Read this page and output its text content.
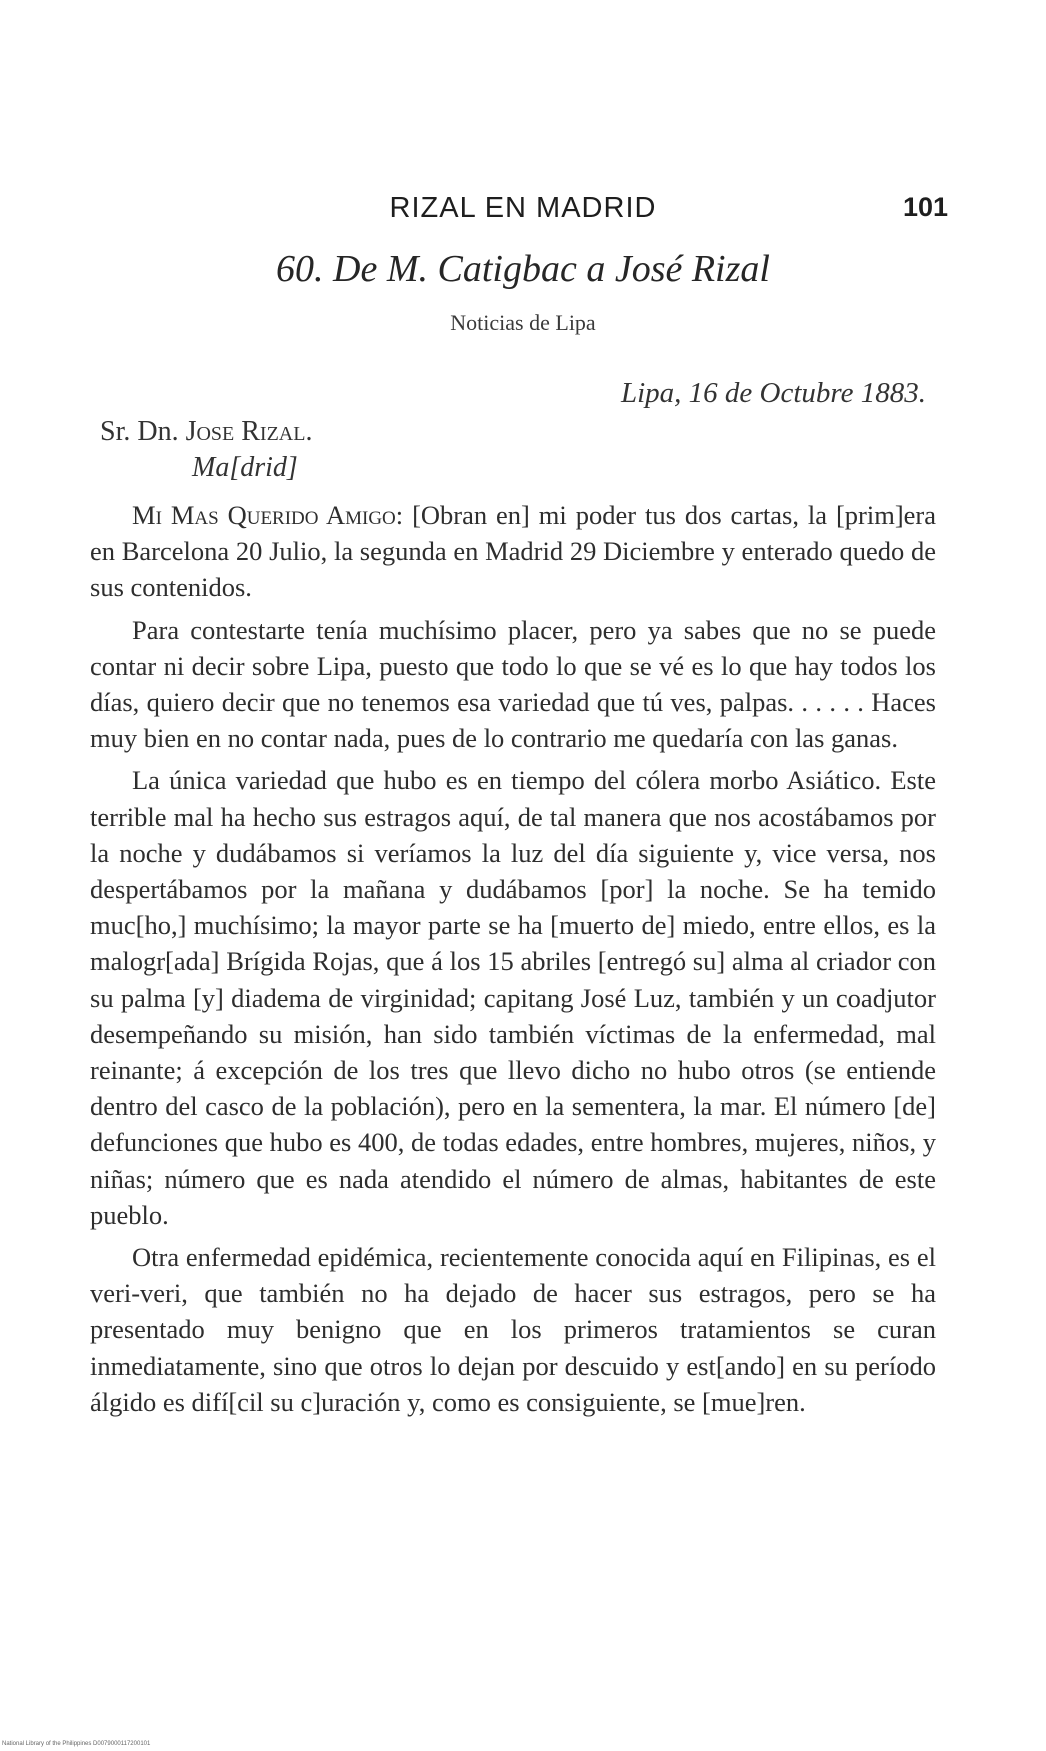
RIZAL EN MADRID	101
60. De M. Catigbac a José Rizal
Noticias de Lipa
Lipa, 16 de Octubre 1883.
Sr. Dn. Jose Rizal.
Ma[drid]

Mi Mas Querido Amigo: [Obran en] mi poder tus dos cartas, la [prim]era en Barcelona 20 Julio, la segunda en Madrid 29 Diciembre y enterado quedo de sus contenidos.

Para contestarte tenía muchísimo placer, pero ya sabes que no se puede contar ni decir sobre Lipa, puesto que todo lo que se vé es lo que hay todos los días, quiero decir que no tenemos esa variedad que tú ves, palpas. . . . . . Haces muy bien en no contar nada, pues de lo contrario me quedaría con las ganas.

La única variedad que hubo es en tiempo del cólera morbo Asiático. Este terrible mal ha hecho sus estragos aquí, de tal manera que nos acostábamos por la noche y dudábamos si veríamos la luz del día siguiente y, vice versa, nos despertábamos por la mañana y dudábamos [por] la noche. Se ha temido muc[ho,] muchísimo; la mayor parte se ha [muerto de] miedo, entre ellos, es la malogr[ada] Brígida Rojas, que á los 15 abriles [entregó su] alma al criador con su palma [y] diadema de virginidad; capitang José Luz, también y un coadjutor desempeñando su misión, han sido también víctimas de la enfermedad, mal reinante; á excepción de los tres que llevo dicho no hubo otros (se entiende dentro del casco de la población), pero en la sementera, la mar. El número [de] defunciones que hubo es 400, de todas edades, entre hombres, mujeres, niños, y niñas; número que es nada atendido el número de almas, habitantes de este pueblo.

Otra enfermedad epidémica, recientemente conocida aquí en Filipinas, es el veri-veri, que también no ha dejado de hacer sus estragos, pero se ha presentado muy benigno que en los primeros tratamientos se curan inmediatamente, sino que otros lo dejan por descuido y est[ando] en su período álgido es difí[cil su c]uración y, como es consiguiente, se [mue]ren.

National Library of the Philippines D0079000117200101
